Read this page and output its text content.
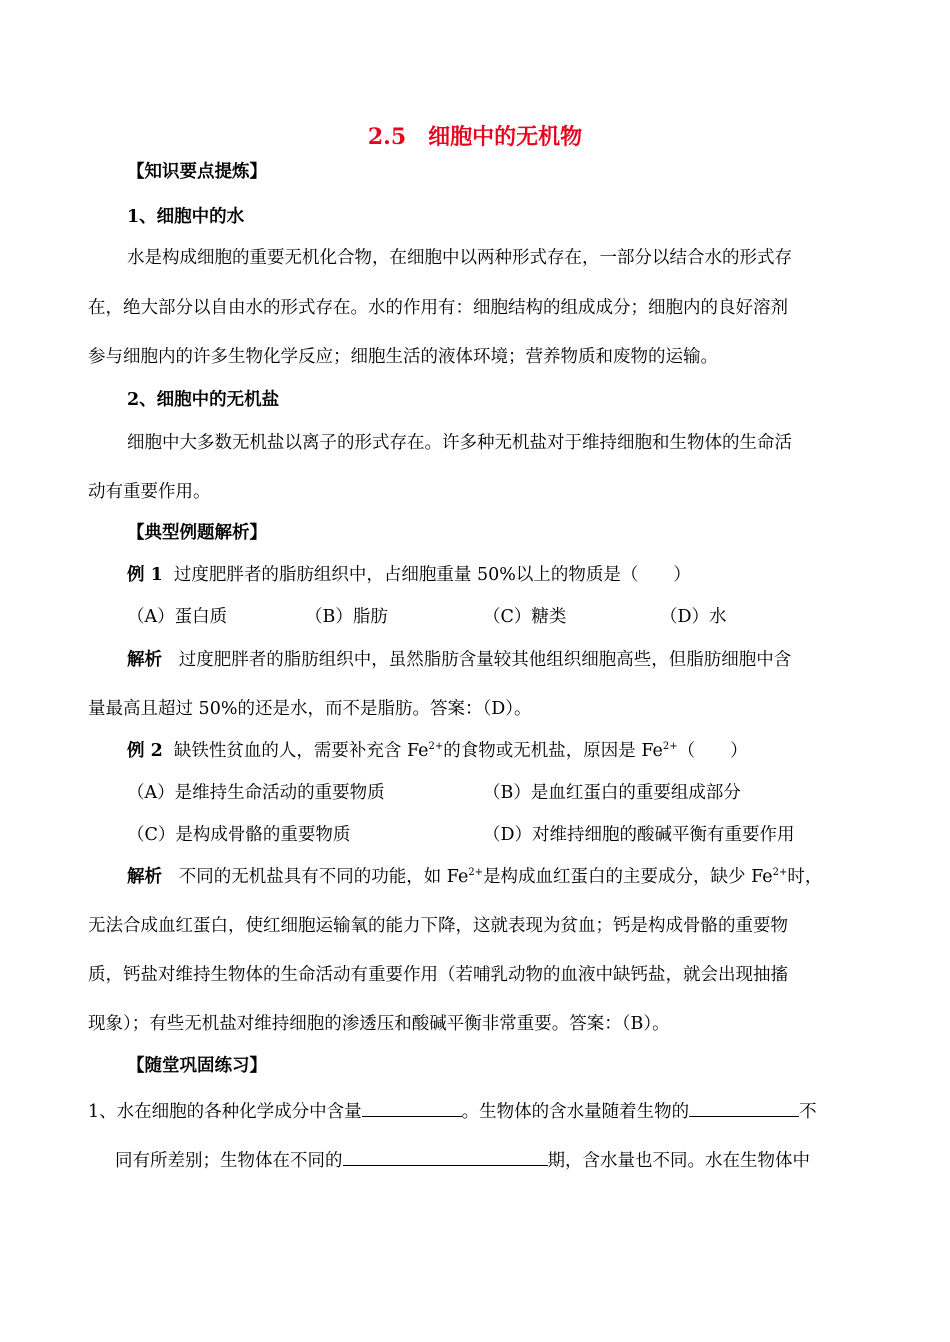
2.5　细胞中的无机物
【知识要点提炼】
1、细胞中的水
水是构成细胞的重要无机化合物，在细胞中以两种形式存在，一部分以结合水的形式存
在，绝大部分以自由水的形式存在。水的作用有：细胞结构的组成成分；细胞内的良好溶剂
参与细胞内的许多生物化学反应；细胞生活的液体环境；营养物质和废物的运输。
2、细胞中的无机盐
细胞中大多数无机盐以离子的形式存在。许多种无机盐对于维持细胞和生物体的生命活
动有重要作用。
【典型例题解析】
例 1 过度肥胖者的脂肪组织中，占细胞重量 50%以上的物质是（　　）
（A）蛋白质	（B）脂肪	（C）糖类	（D）水
解析 过度肥胖者的脂肪组织中，虽然脂肪含量较其他组织细胞高些，但脂肪细胞中含
量最高且超过 50%的还是水，而不是脂肪。答案：（D）。
例 2 缺铁性贫血的人，需要补充含 $Fe^{2+}$的食物或无机盐，原因是 $Fe^{2+}$（　　）
（A）是维持生命活动的重要物质	（B）是血红蛋白的重要组成部分
（C）是构成骨骼的重要物质	（D）对维持细胞的酸碱平衡有重要作用
解析 不同的无机盐具有不同的功能，如 $Fe^{2+}$是构成血红蛋白的主要成分，缺少 $Fe^{2+}$时，
无法合成血红蛋白，使红细胞运输氧的能力下降，这就表现为贫血；钙是构成骨骼的重要物
质，钙盐对维持生物体的生命活动有重要作用（若哺乳动物的血液中缺钙盐，就会出现抽搐
现象）；有些无机盐对维持细胞的渗透压和酸碱平衡非常重要。答案：（B）。
【随堂巩固练习】
1、水在细胞的各种化学成分中含量	。生物体的含水量随着生物的	不
同有所差别；生物体在不同的	期，含水量也不同。水在生物体中
